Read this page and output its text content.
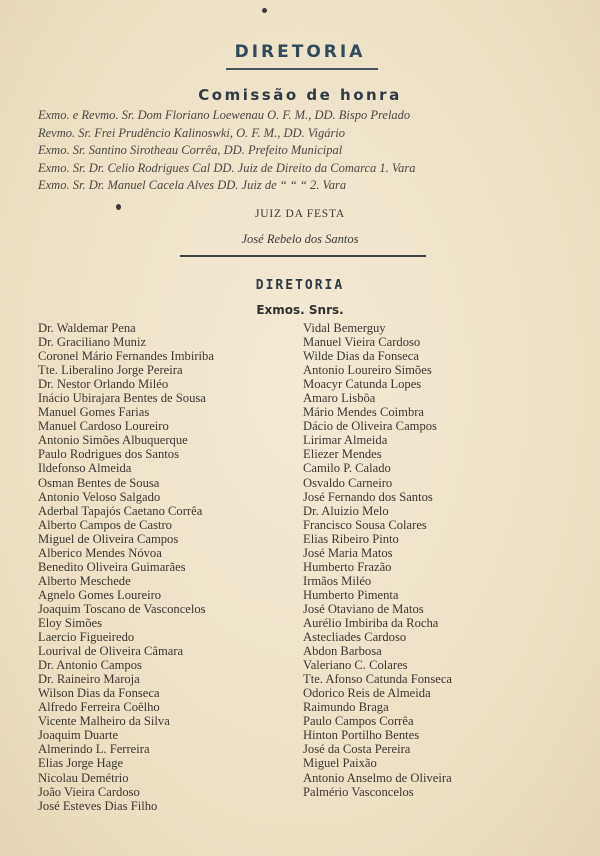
DIRETORIA
Comissão de honra
Exmo. e Revmo. Sr. Dom Floriano Loewenau O. F. M., DD. Bispo Prelado
Revmo. Sr. Frei Prudêncio Kalinoswki, O. F. M., DD. Vigário
Exmo. Sr. Santino Sirotheau Corrêa, DD. Prefeito Municipal
Exmo. Sr. Dr. Celio Rodrigues Cal DD. Juiz de Direito da Comarca 1. Vara
Exmo. Sr. Dr. Manuel Cacela Alves DD. Juiz de “ “ “ 2. Vara
JUIZ DA FESTA
José Rebelo dos Santos
DIRETORIA
Exmos. Snrs.
Dr. Waldemar Pena
Dr. Graciliano Muniz
Coronel Mário Fernandes Imbiriba
Tte. Liberalino Jorge Pereira
Dr. Nestor Orlando Miléo
Inácio Ubirajara Bentes de Sousa
Manuel Gomes Farias
Manuel Cardoso Loureiro
Antonio Simões Albuquerque
Paulo Rodrigues dos Santos
Ildefonso Almeida
Osman Bentes de Sousa
Antonio Veloso Salgado
Aderbal Tapajós Caetano Corrêa
Alberto Campos de Castro
Miguel de Oliveira Campos
Alberico Mendes Nóvoa
Benedito Oliveira Guimarães
Alberto Meschede
Agnelo Gomes Loureiro
Joaquim Toscano de Vasconcelos
Eloy Simões
Laercio Figueiredo
Lourival de Oliveira Câmara
Dr. Antonio Campos
Dr. Raineiro Maroja
Wilson Dias da Fonseca
Alfredo Ferreira Coêlho
Vicente Malheiro da Silva
Joaquim Duarte
Almerindo L. Ferreira
Elias Jorge Hage
Nicolau Demétrio
João Vieira Cardoso
José Esteves Dias Filho
Vidal Bemerguy
Manuel Vieira Cardoso
Wilde Dias da Fonseca
Antonio Loureiro Simões
Moacyr Catunda Lopes
Amaro Lisbôa
Mário Mendes Coimbra
Dácio de Oliveira Campos
Lirimar Almeida
Eliezer Mendes
Camilo P. Calado
Osvaldo Carneiro
José Fernando dos Santos
Dr. Aluizio Melo
Francisco Sousa Colares
Elias Ribeiro Pinto
José Maria Matos
Humberto Frazão
Irmãos Miléo
Humberto Pimenta
José Otaviano de Matos
Aurélio Imbiriba da Rocha
Astecliades Cardoso
Abdon Barbosa
Valeriano C. Colares
Tte. Afonso Catunda Fonseca
Odorico Reis de Almeida
Raimundo Braga
Paulo Campos Corrêa
Hinton Portilho Bentes
José da Costa Pereira
Miguel Paixão
Antonio Anselmo de Oliveira
Palmério Vasconcelos
